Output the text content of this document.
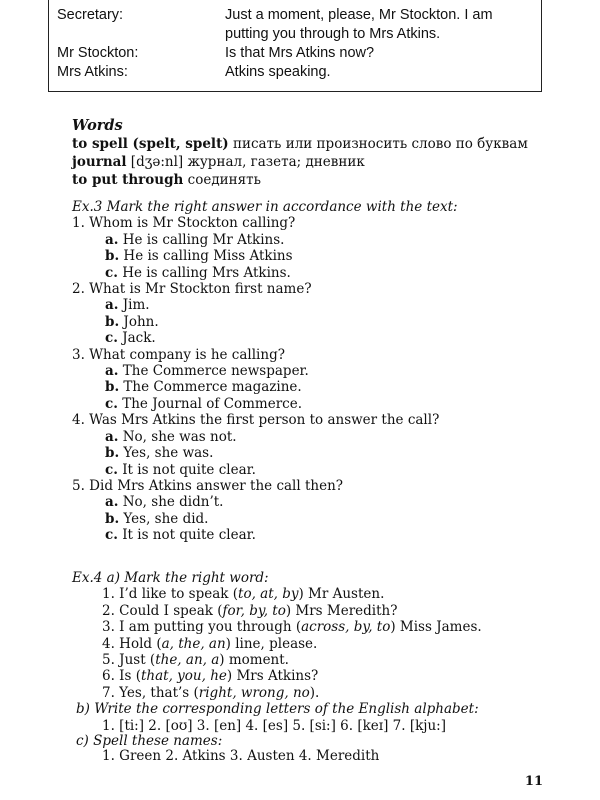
Secretary:	Just a moment, please, Mr Stockton. I am
putting you through to Mrs Atkins.
Mr Stockton:	Is that Mrs Atkins now?
Mrs Atkins:	Atkins speaking.
Words
to spell (spelt, spelt) писать или произносить слово по буквам
journal [dʒə:nl] журнал, газета; дневник
to put through соединять
Ex.3 Mark the right answer in accordance with the text:
1. Whom is Mr Stockton calling?
a. He is calling Mr Atkins.
b. He is calling Miss Atkins
c. He is calling Mrs Atkins.
2. What is Mr Stockton first name?
a. Jim.
b. John.
c. Jack.
3. What company is he calling?
a. The Commerce newspaper.
b. The Commerce magazine.
c. The Journal of Commerce.
4. Was Mrs Atkins the first person to answer the call?
a. No, she was not.
b. Yes, she was.
c. It is not quite clear.
5. Did Mrs Atkins answer the call then?
a. No, she didn’t.
b. Yes, she did.
c. It is not quite clear.
Ex.4 a) Mark the right word:
1. I’d like to speak (to, at, by) Mr Austen.
2. Could I speak (for, by, to) Mrs Meredith?
3. I am putting you through (across, by, to) Miss James.
4. Hold (a, the, an) line, please.
5. Just (the, an, a) moment.
6. Is (that, you, he) Mrs Atkins?
7. Yes, that’s (right, wrong, no).
b) Write the corresponding letters of the English alphabet:
1. [ti:] 2. [oʊ] 3. [en] 4. [es] 5. [si:] 6. [keɪ] 7. [kju:]
c) Spell these names:
1. Green 2. Atkins 3. Austen 4. Meredith
11
